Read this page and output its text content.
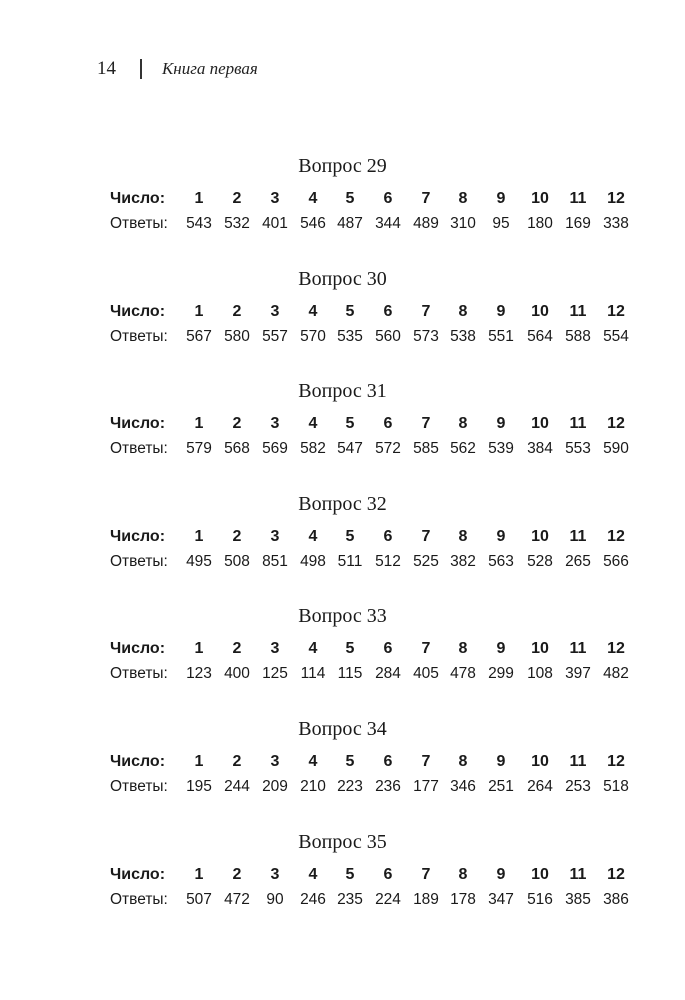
14	Книга первая
Вопрос 29
Число:	1	2	3	4	5	6	7	8	9	10	11	12
Ответы:	543 532 401 546 487 344 489 310	95	180 169 338
Вопрос 30
Число:	1	2	3	4	5	6	7	8	9	10	11	12
Ответы:	567 580 557 570 535 560 573 538 551 564 588 554
Вопрос 31
Число:	1	2	3	4	5	6	7	8	9	10	11	12
Ответы:	579 568 569 582 547 572 585 562 539 384 553 590
Вопрос 32
Число:	1	2	3	4	5	6	7	8	9	10	11	12
Ответы:	495 508 851 498 511 512 525 382 563 528 265 566
Вопрос 33
Число:	1	2	3	4	5	6	7	8	9	10	11	12
Ответы:	123 400 125 114 115 284 405 478 299 108 397 482
Вопрос 34
Число:	1	2	3	4	5	6	7	8	9	10	11	12
Ответы:	195 244 209 210 223 236 177 346 251 264 253 518
Вопрос 35
Число:	1	2	3	4	5	6	7	8	9	10	11	12
Ответы:	507 472	90	246 235 224 189 178 347 516 385 386
